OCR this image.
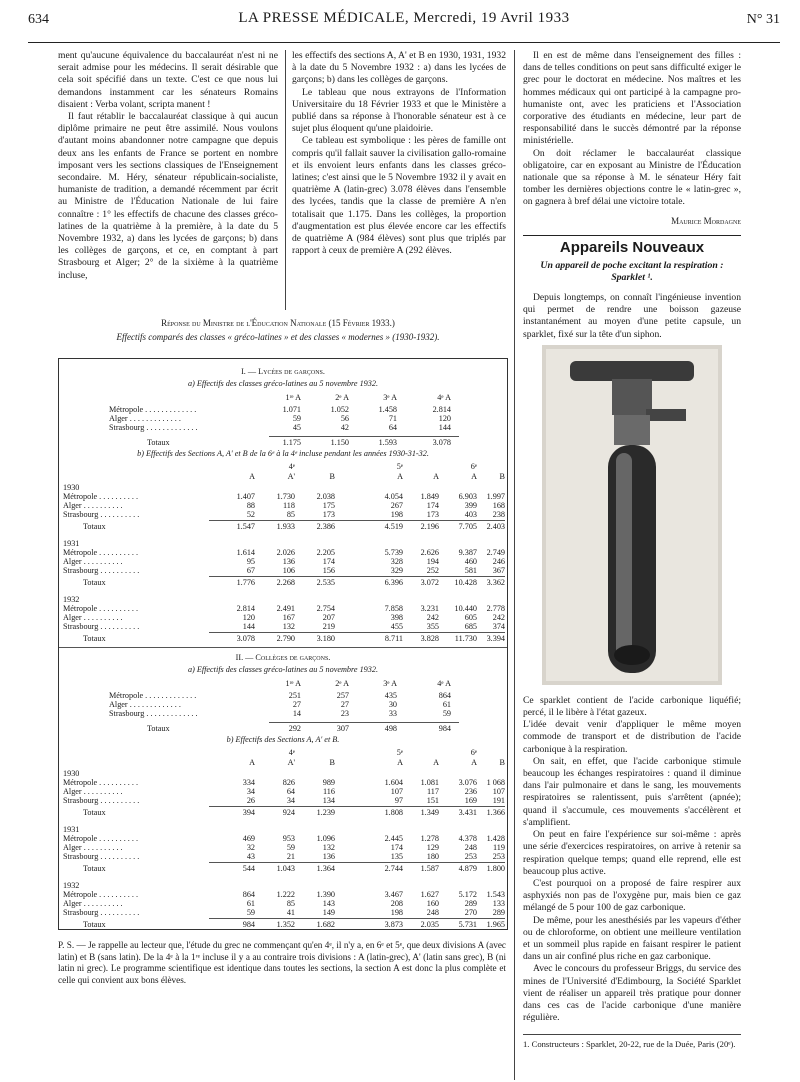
634	LA PRESSE MÉDICALE, Mercredi, 19 Avril 1933	N° 31

ment qu'aucune équivalence du baccalauréat n'est ni ne serait admise pour les médecins. Il serait désirable que cela soit spécifié dans un texte. C'est ce que nous lui demandons instamment car les sénateurs Romains disaient : Verba volant, scripta manent !

Il faut rétablir le baccalauréat classique à qui aucun diplôme primaire ne peut être assimilé. Nous voulons d'autant moins abandonner notre campagne que depuis deux ans les enfants de France se portent en nombre imposant vers les sections classiques de l'Enseignement secondaire. M. Héry, sénateur républicain-socialiste, humaniste de tradition, a demandé récemment par écrit au Ministre de l'Éducation Nationale de lui faire connaître : 1° les effectifs de chacune des classes gréco-latines de la quatrième à la première, à la date du 5 Novembre 1932, a) dans les lycées de garçons; b) dans les collèges de garçons, et ce, en comptant à part Strasbourg et Alger; 2° de la sixième à la quatrième incluse,

les effectifs des sections A, A' et B en 1930, 1931, 1932 à la date du 5 Novembre 1932 : a) dans les lycées de garçons; b) dans les collèges de garçons.

Le tableau que nous extrayons de l'Information Universitaire du 18 Février 1933 et que le Ministère a publié dans sa réponse à l'honorable sénateur est à ce sujet plus éloquent qu'une plaidoirie.

Ce tableau est symbolique : les pères de famille ont compris qu'il fallait sauver la civilisation gallo-romaine et ils envoient leurs enfants dans les classes gréco-latines; c'est ainsi que le 5 Novembre 1932 il y avait en quatrième A (latin-grec) 3.078 élèves dans l'ensemble des lycées, tandis que la classe de première A n'en totalisait que 1.175. Dans les collèges, la proportion d'augmentation est plus élevée encore car les effectifs de quatrième A (984 élèves) sont plus que triplés par rapport à ceux de première A (292 élèves.

Il en est de même dans l'enseignement des filles : dans de telles conditions on peut sans difficulté exiger le grec pour le doctorat en médecine. Nos maîtres et les hommes médicaux qui ont participé à la campagne pro-humaniste ont, avec les praticiens et l'Association corporative des étudiants en médecine, leur part de responsabilité dans le succès démontré par la réponse ministérielle.

On doit réclamer le baccalauréat classique obligatoire, car en exposant au Ministre de l'Éducation nationale que sa réponse à M. le sénateur Héry fait tomber les dernières objections contre le « latin-grec », on gagnera à bref délai une victoire totale.

Maurice Mordagne

Appareils Nouveaux
Un appareil de poche excitant la respiration : Sparklet ¹.

Depuis longtemps, on connaît l'ingénieuse invention qui permet de rendre une boisson gazeuse instantanément au moyen d'une petite capsule, un sparklet, fixé sur la tête d'un siphon.

Ce sparklet contient de l'acide carbonique liquéfié; percé, il le libère à l'état gazeux.

L'idée devait venir d'appliquer le même moyen commode de transport et de distribution de l'acide carbonique à la respiration.

On sait, en effet, que l'acide carbonique stimule beaucoup les échanges respiratoires : quand il diminue dans l'air pulmonaire et dans le sang, les mouvements respiratoires se ralentissent, puis s'arrêtent (apnée); quand il s'accumule, ces mouvements s'accélèrent et s'amplifient.

On peut en faire l'expérience sur soi-même : après une série d'exercices respiratoires, on arrive à retenir sa respiration quelque temps; quand elle reprend, elle est beaucoup plus active.

C'est pourquoi on a proposé de faire respirer aux asphyxiés non pas de l'oxygène pur, mais bien ce gaz mélangé de 5 pour 100 de gaz carbonique.

De même, pour les anesthésiés par les vapeurs d'éther ou de chloroforme, on obtient une meilleure ventilation et un sommeil plus rapide en faisant respirer le patient dans un air confiné plus riche en gaz carbonique.

Avec le concours du professeur Briggs, du service des mines de l'Université d'Edimbourg, la Société Sparklet vient de réaliser un appareil très pratique pour donner dans ces cas de l'acide carbonique d'une manière régulière.

1. Constructeurs : Sparklet, 20-22, rue de la Duée, Paris (20ᵉ).
Réponse du Ministre de l'Éducation Nationale (15 Février 1933.)
Effectifs comparés des classes « gréco-latines » et des classes « modernes » (1930-1932).
I. — Lycées de garçons.
a) Effectifs des classes gréco-latines au 5 novembre 1932.
1ʳᵉ A	2ᵉ A	3ᵉ A	4ᵉ A
Métropole . . . . . . . . . . . . .	1.071	1.052	1.458	2.814
Alger . . . . . . . . . . . . .	59	56	71	120
Strasbourg . . . . . . . . . . . . .	45	42	64	144
Totaux	1.175	1.150	1.593	3.078
b) Effectifs des Sections A, A' et B de la 6ᵉ à la 4ᵉ incluse pendant les années 1930-31-32.
4ᵉ	5ᵉ	6ᵉ
A	A'	B	A	A	A	B
1930
Métropole . . . . . . . . . .	1.407	1.730	2.038	4.054	1.849	6.903	1.997
Alger . . . . . . . . . .	88	118	175	267	174	399	168
Strasbourg . . . . . . . . . .	52	85	173	198	173	403	238
Totaux	1.547	1.933	2.386	4.519	2.196	7.705	2.403
1931
Métropole . . . . . . . . . .	1.614	2.026	2.205	5.739	2.626	9.387	2.749
Alger . . . . . . . . . .	95	136	174	328	194	460	246
Strasbourg . . . . . . . . . .	67	106	156	329	252	581	367
Totaux	1.776	2.268	2.535	6.396	3.072	10.428	3.362
1932
Métropole . . . . . . . . . .	2.814	2.491	2.754	7.858	3.231	10.440	2.778
Alger . . . . . . . . . .	120	167	207	398	242	605	242
Strasbourg . . . . . . . . . .	144	132	219	455	355	685	374
Totaux	3.078	2.790	3.180	8.711	3.828	11.730	3.394
II. — Collèges de garçons.
a) Effectifs des classes gréco-latines au 5 novembre 1932.
1ʳᵉ A	2ᵉ A	3ᵉ A	4ᵉ A
Métropole . . . . . . . . . . . . .	251	257	435	864
Alger . . . . . . . . . . . . .	27	27	30	61
Strasbourg . . . . . . . . . . . . .	14	23	33	59
Totaux	292	307	498	984
b) Effectifs des Sections A, A' et B.
4ᵉ	5ᵉ	6ᵉ
A	A'	B	A	A	A	B
1930
Métropole . . . . . . . . . .	334	826	989	1.604	1.081	3.076	1 068
Alger . . . . . . . . . .	34	64	116	107	117	236	107
Strasbourg . . . . . . . . . .	26	34	134	97	151	169	191
Totaux	394	924	1.239	1.808	1.349	3.431	1.366
1931
Métropole . . . . . . . . . .	469	953	1.096	2.445	1.278	4.378	1.428
Alger . . . . . . . . . .	32	59	132	174	129	248	119
Strasbourg . . . . . . . . . .	43	21	136	135	180	253	253
Totaux	544	1.043	1.364	2.744	1.587	4.879	1.800
1932
Métropole . . . . . . . . . .	864	1.222	1.390	3.467	1.627	5.172	1.543
Alger . . . . . . . . . .	61	85	143	208	160	289	133
Strasbourg . . . . . . . . . .	59	41	149	198	248	270	289
Totaux	984	1.352	1.682	3.873	2.035	5.731	1.965
P. S. — Je rappelle au lecteur que, l'étude du grec ne commençant qu'en 4ᵉ, il n'y a, en 6ᵉ et 5ᵉ, que deux divisions A (avec latin) et B (sans latin). De la 4ᵉ à la 1ʳᵉ incluse il y a au contraire trois divisions : A (latin-grec), A' (latin sans grec), B (ni latin ni grec). Le programme scientifique est identique dans toutes les sections, la section A est donc la plus complète et celle qui convient aux bons élèves.
